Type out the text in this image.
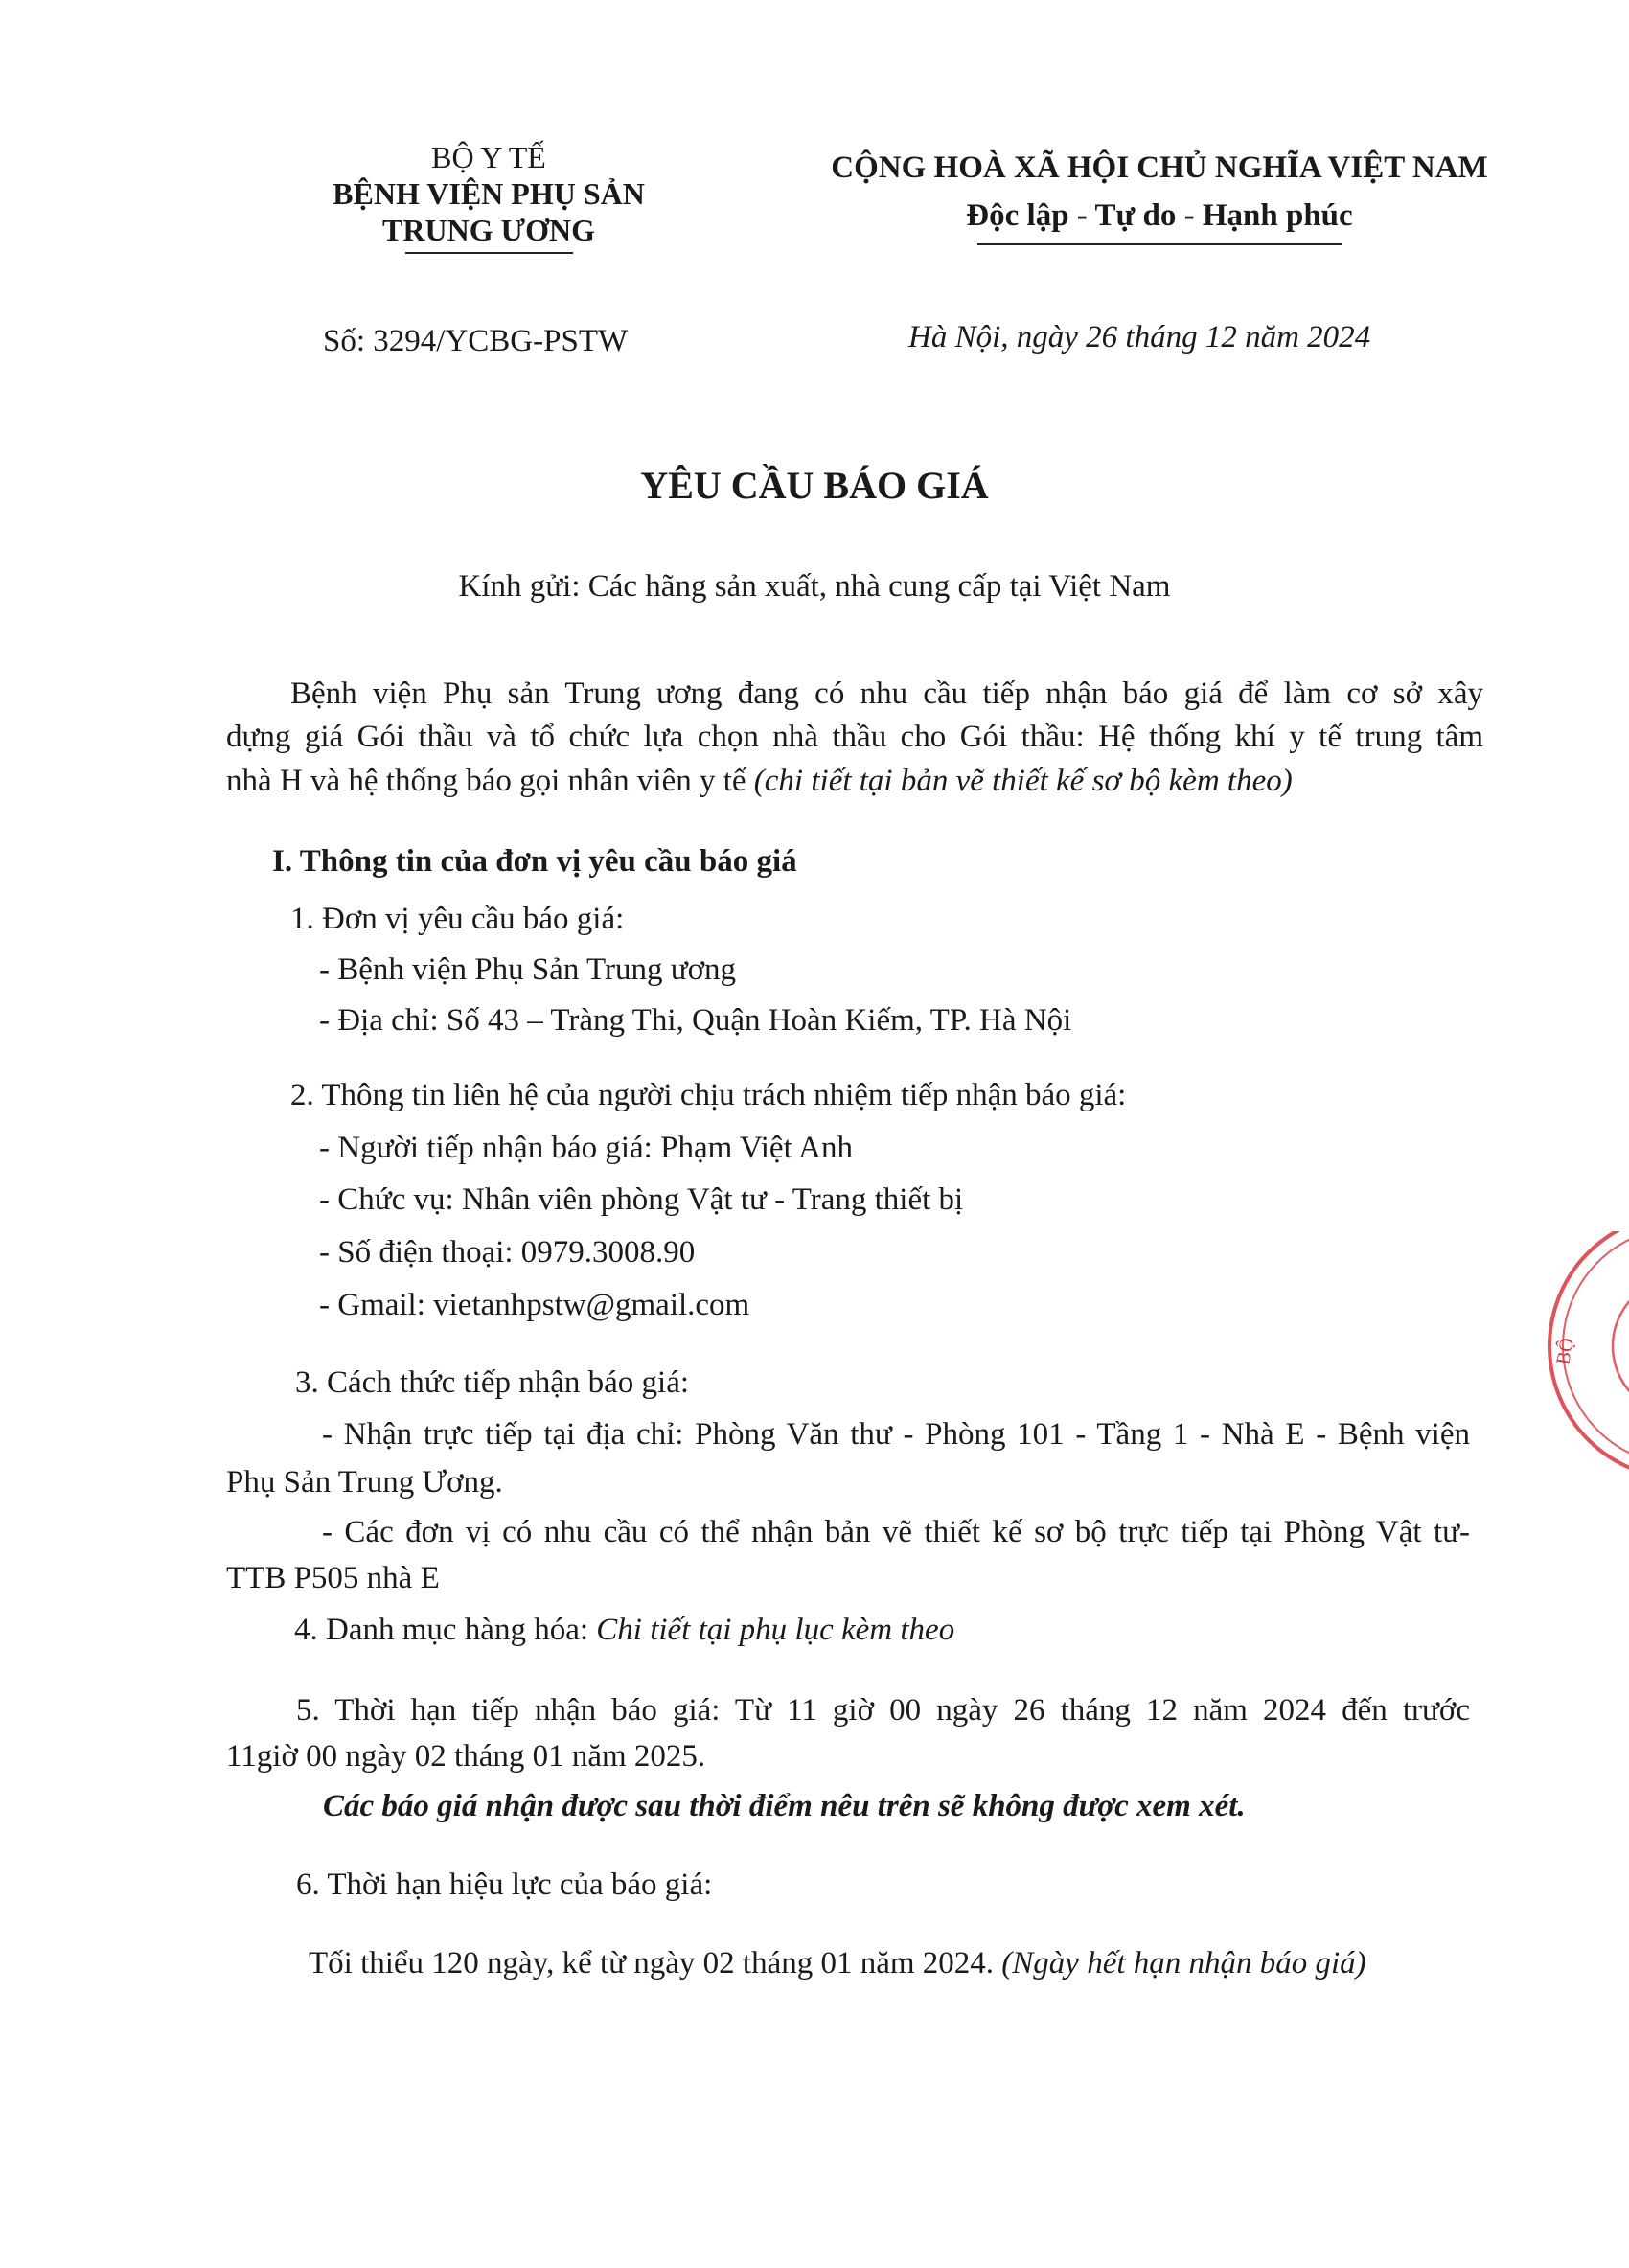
BỘ Y TẾ
BỆNH VIỆN PHỤ SẢN
TRUNG ƯƠNG
CỘNG HOÀ XÃ HỘI CHỦ NGHĨA VIỆT NAM
Độc lập - Tự do - Hạnh phúc
Số: 3294/YCBG-PSTW	Hà Nội, ngày 26 tháng 12 năm 2024
YÊU CẦU BÁO GIÁ
Kính gửi: Các hãng sản xuất, nhà cung cấp tại Việt Nam
Bệnh viện Phụ sản Trung ương đang có nhu cầu tiếp nhận báo giá để làm cơ sở xây
dựng giá Gói thầu và tổ chức lựa chọn nhà thầu cho Gói thầu: Hệ thống khí y tế trung tâm
nhà H và hệ thống báo gọi nhân viên y tế (chi tiết tại bản vẽ thiết kế sơ bộ kèm theo)
I. Thông tin của đơn vị yêu cầu báo giá
1. Đơn vị yêu cầu báo giá:
- Bệnh viện Phụ Sản Trung ương
- Địa chỉ: Số 43 – Tràng Thi, Quận Hoàn Kiếm, TP. Hà Nội
2. Thông tin liên hệ của người chịu trách nhiệm tiếp nhận báo giá:
- Người tiếp nhận báo giá: Phạm Việt Anh
- Chức vụ: Nhân viên phòng Vật tư - Trang thiết bị
- Số điện thoại: 0979.3008.90
- Gmail: vietanhpstw@gmail.com
3. Cách thức tiếp nhận báo giá:
- Nhận trực tiếp tại địa chỉ: Phòng Văn thư - Phòng 101 - Tầng 1 - Nhà E - Bệnh viện
Phụ Sản Trung Ương.
- Các đơn vị có nhu cầu có thể nhận bản vẽ thiết kế sơ bộ trực tiếp tại Phòng Vật tư-
TTB P505 nhà E
4. Danh mục hàng hóa: Chi tiết tại phụ lục kèm theo
5. Thời hạn tiếp nhận báo giá: Từ 11 giờ 00 ngày 26 tháng 12 năm 2024 đến trước
11giờ 00 ngày 02 tháng 01 năm 2025.
Các báo giá nhận được sau thời điểm nêu trên sẽ không được xem xét.
6. Thời hạn hiệu lực của báo giá:
Tối thiểu 120 ngày, kể từ ngày 02 tháng 01 năm 2024. (Ngày hết hạn nhận báo giá)
BỘ
